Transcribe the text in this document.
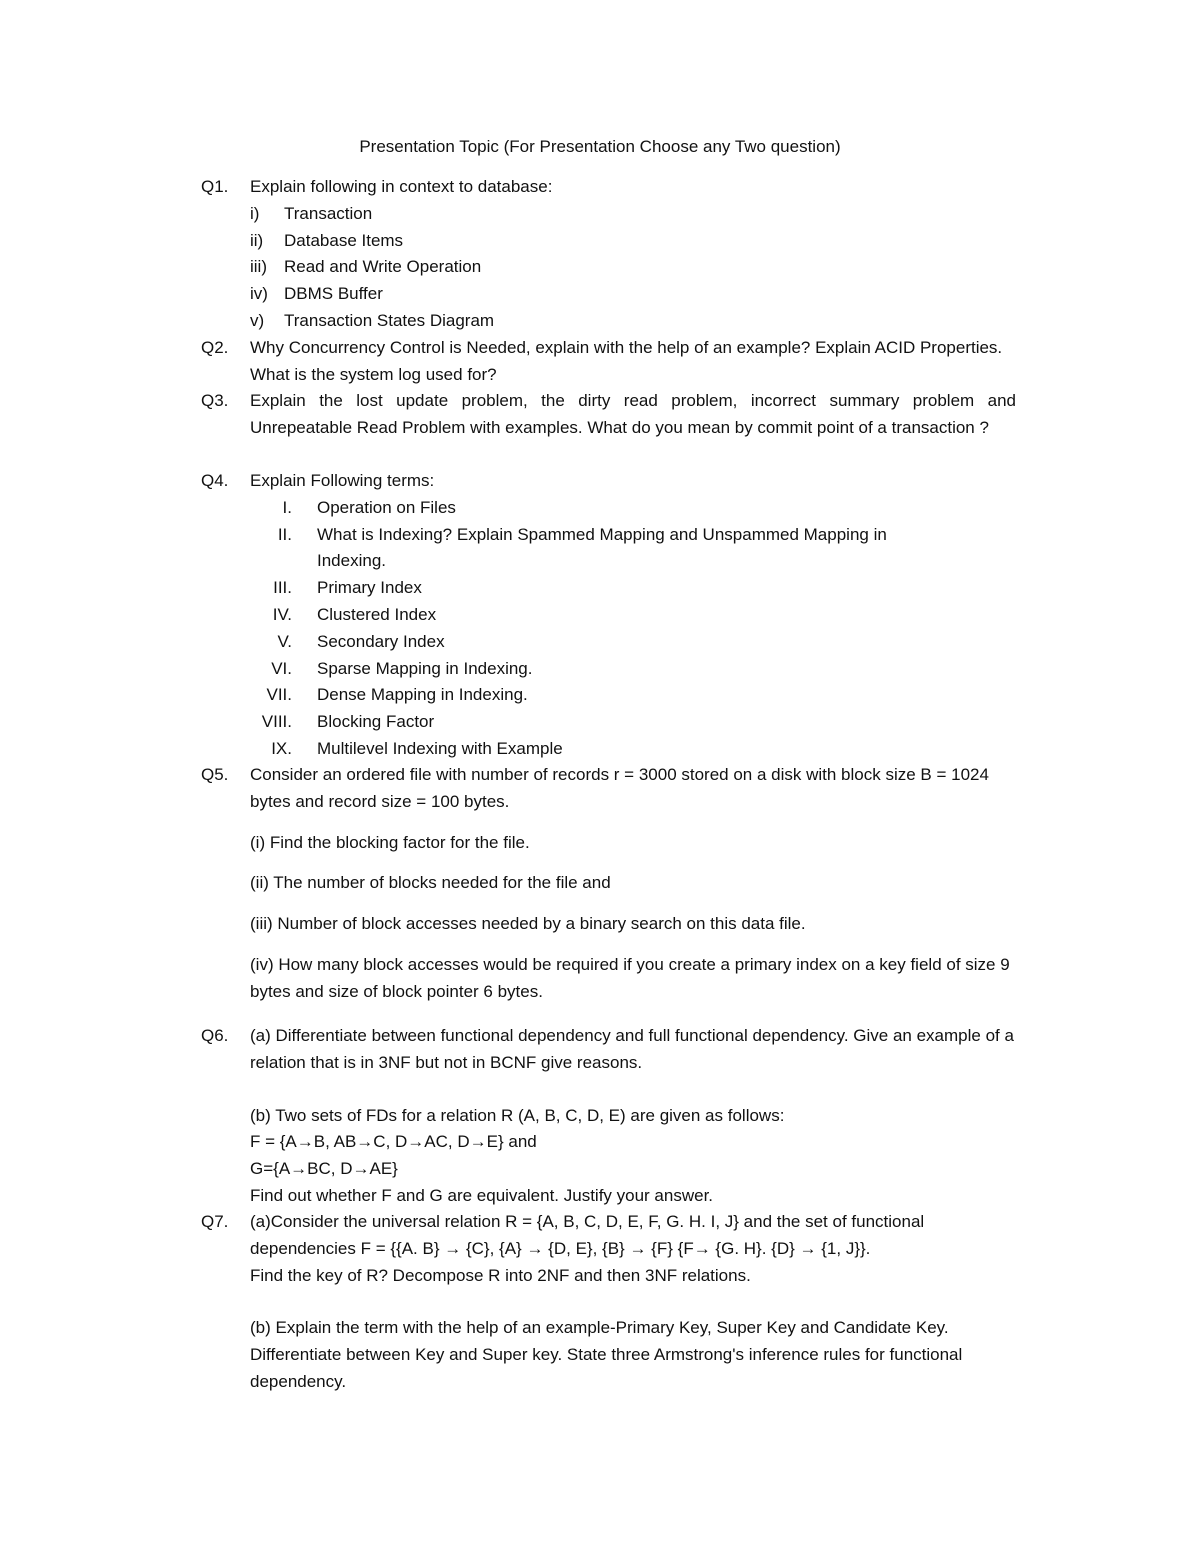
Presentation Topic (For Presentation Choose any Two question)
Q1.	Explain following in context to database:
i) Transaction
ii) Database Items
iii) Read and Write Operation
iv) DBMS Buffer
v) Transaction States Diagram
Q2.	Why Concurrency Control is Needed, explain with the help of an example? Explain ACID Properties. What is the system log used for?
Q3.	Explain the lost update problem, the dirty read problem, incorrect summary problem and Unrepeatable Read Problem with examples. What do you mean by commit point of a transaction ?
Q4.	Explain Following terms:
I. Operation on Files
II. What is Indexing? Explain Spammed Mapping and Unspammed Mapping in Indexing.
III. Primary Index
IV. Clustered Index
V. Secondary Index
VI. Sparse Mapping in Indexing.
VII. Dense Mapping in Indexing.
VIII. Blocking Factor
IX. Multilevel Indexing with Example
Q5.	Consider an ordered file with number of records r = 3000 stored on a disk with block size B = 1024 bytes and record size = 100 bytes.
(i) Find the blocking factor for the file.
(ii) The number of blocks needed for the file and
(iii) Number of block accesses needed by a binary search on this data file.
(iv) How many block accesses would be required if you create a primary index on a key field of size 9 bytes and size of block pointer 6 bytes.
Q6.	(a) Differentiate between functional dependency and full functional dependency. Give an example of a relation that is in 3NF but not in BCNF give reasons.
(b) Two sets of FDs for a relation R (A, B, C, D, E) are given as follows:
F = {A→B, AB→C, D→AC, D→E} and
G={A→BC, D→AE}
Find out whether F and G are equivalent. Justify your answer.
Q7.	(a)Consider the universal relation R = {A, B, C, D, E, F, G. H. I, J} and the set of functional
dependencies F = {{A. B} → {C}, {A} → {D, E}, {B} → {F} {F→ {G. H}. {D} → {1, J}}.
Find the key of R? Decompose R into 2NF and then 3NF relations.
(b) Explain the term with the help of an example-Primary Key, Super Key and Candidate Key. Differentiate between Key and Super key. State three Armstrong's inference rules for functional dependency.
